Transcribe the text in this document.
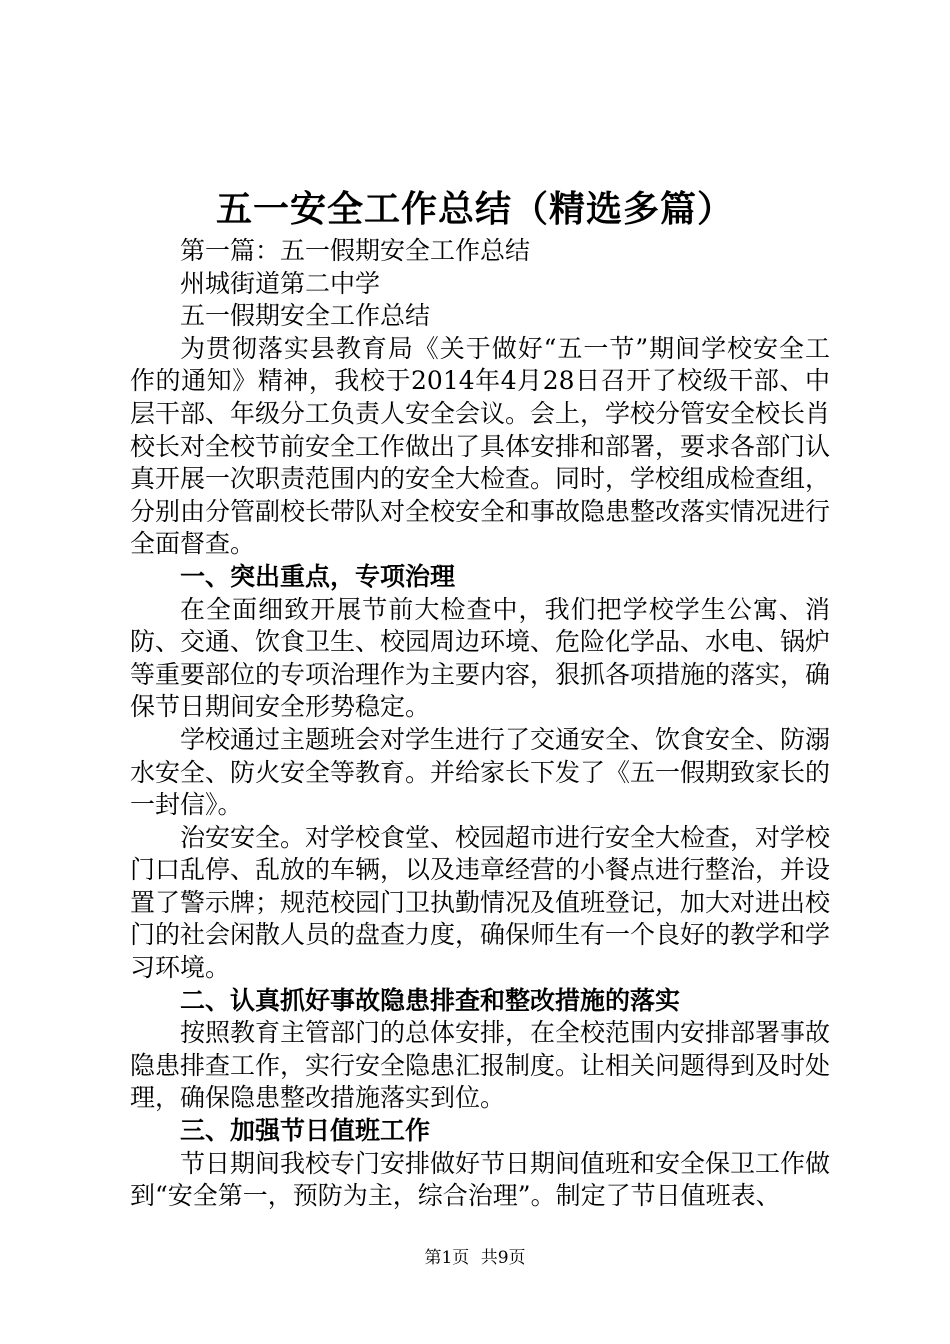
五一安全工作总结（精选多篇）

第一篇：五一假期安全工作总结

州城街道第二中学

五一假期安全工作总结

为贯彻落实县教育局《关于做好“五一节”期间学校安全工作的通知》精神，我校于2014年4月28日召开了校级干部、中层干部、年级分工负责人安全会议。会上，学校分管安全校长肖校长对全校节前安全工作做出了具体安排和部署，要求各部门认真开展一次职责范围内的安全大检查。同时，学校组成检查组，分别由分管副校长带队对全校安全和事故隐患整改落实情况进行全面督查。

一、突出重点，专项治理

在全面细致开展节前大检查中，我们把学校学生公寓、消防、交通、饮食卫生、校园周边环境、危险化学品、水电、锅炉等重要部位的专项治理作为主要内容，狠抓各项措施的落实，确保节日期间安全形势稳定。

学校通过主题班会对学生进行了交通安全、饮食安全、防溺水安全、防火安全等教育。并给家长下发了《五一假期致家长的一封信》。

治安安全。对学校食堂、校园超市进行安全大检查，对学校门口乱停、乱放的车辆，以及违章经营的小餐点进行整治，并设置了警示牌；规范校园门卫执勤情况及值班登记，加大对进出校门的社会闲散人员的盘查力度，确保师生有一个良好的教学和学习环境。

二、认真抓好事故隐患排查和整改措施的落实

按照教育主管部门的总体安排，在全校范围内安排部署事故隐患排查工作，实行安全隐患汇报制度。让相关问题得到及时处理，确保隐患整改措施落实到位。

三、加强节日值班工作

节日期间我校专门安排做好节日期间值班和安全保卫工作做到“安全第一，预防为主，综合治理”。制定了节日值班表、

第1页 共9页
